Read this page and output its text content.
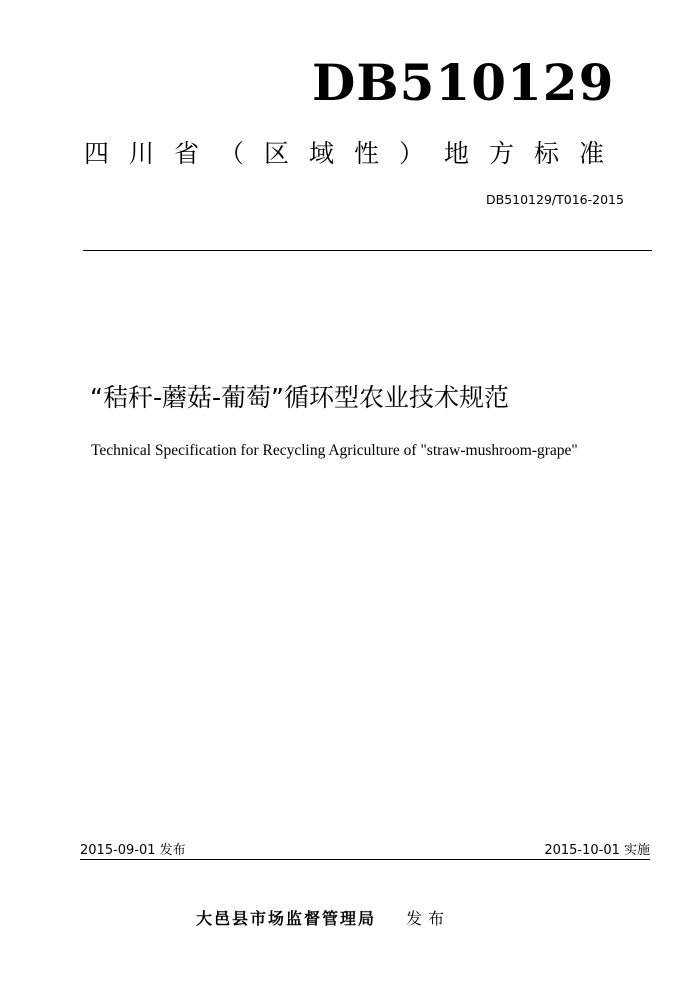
DB510129
四川省（区域性）地方标准
DB510129/T016-2015
“秸秆-蘑菇-葡萄”循环型农业技术规范
Technical Specification for Recycling Agriculture of "straw-mushroom-grape"
2015-09-01 发布	2015-10-01 实施
大邑县市场监督管理局 发布
